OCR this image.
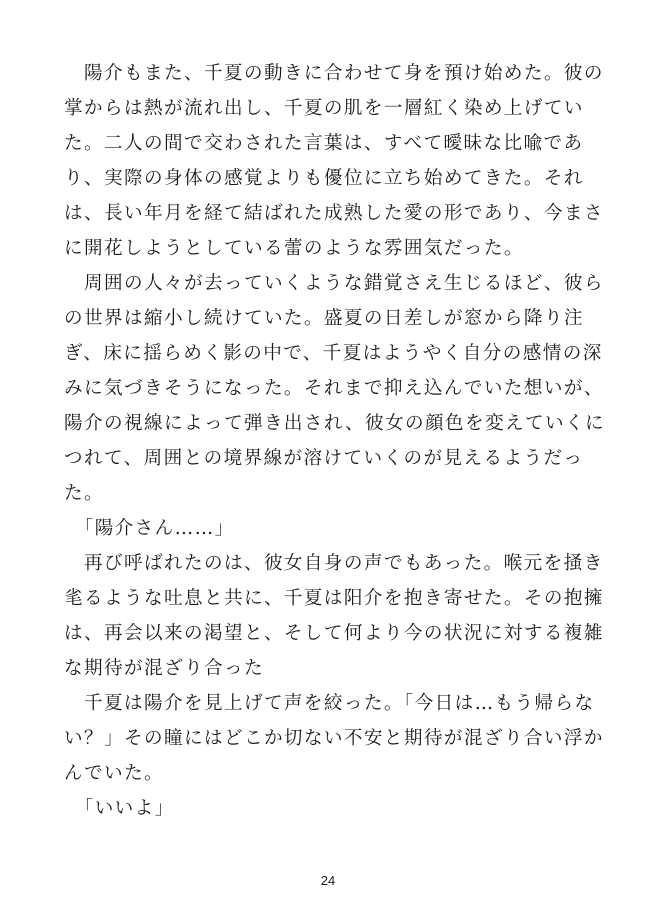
　陽介もまた、千夏の動きに合わせて身を預け始めた。彼の
掌からは熱が流れ出し、千夏の肌を一層紅く染め上げてい
た。二人の間で交わされた言葉は、すべて曖昧な比喩であ
り、実際の身体の感覚よりも優位に立ち始めてきた。それ
は、長い年月を経て結ばれた成熟した愛の形であり、今まさ
に開花しようとしている蕾のような雰囲気だった。
　周囲の人々が去っていくような錯覚さえ生じるほど、彼ら
の世界は縮小し続けていた。盛夏の日差しが窓から降り注
ぎ、床に揺らめく影の中で、千夏はようやく自分の感情の深
みに気づきそうになった。それまで抑え込んでいた想いが、
陽介の視線によって弾き出され、彼女の顔色を変えていくに
つれて、周囲との境界線が溶けていくのが見えるようだっ
た。
　「陽介さん……」
　再び呼ばれたのは、彼女自身の声でもあった。喉元を掻き
毟るような吐息と共に、千夏は阳介を抱き寄せた。その抱擁
は、再会以来の渇望と、そして何より今の状況に対する複雑
な期待が混ざり合った
　千夏は陽介を見上げて声を絞った。「今日は…もう帰らな
い？」その瞳にはどこか切ない不安と期待が混ざり合い浮か
んでいた。
　「いいよ」
24
